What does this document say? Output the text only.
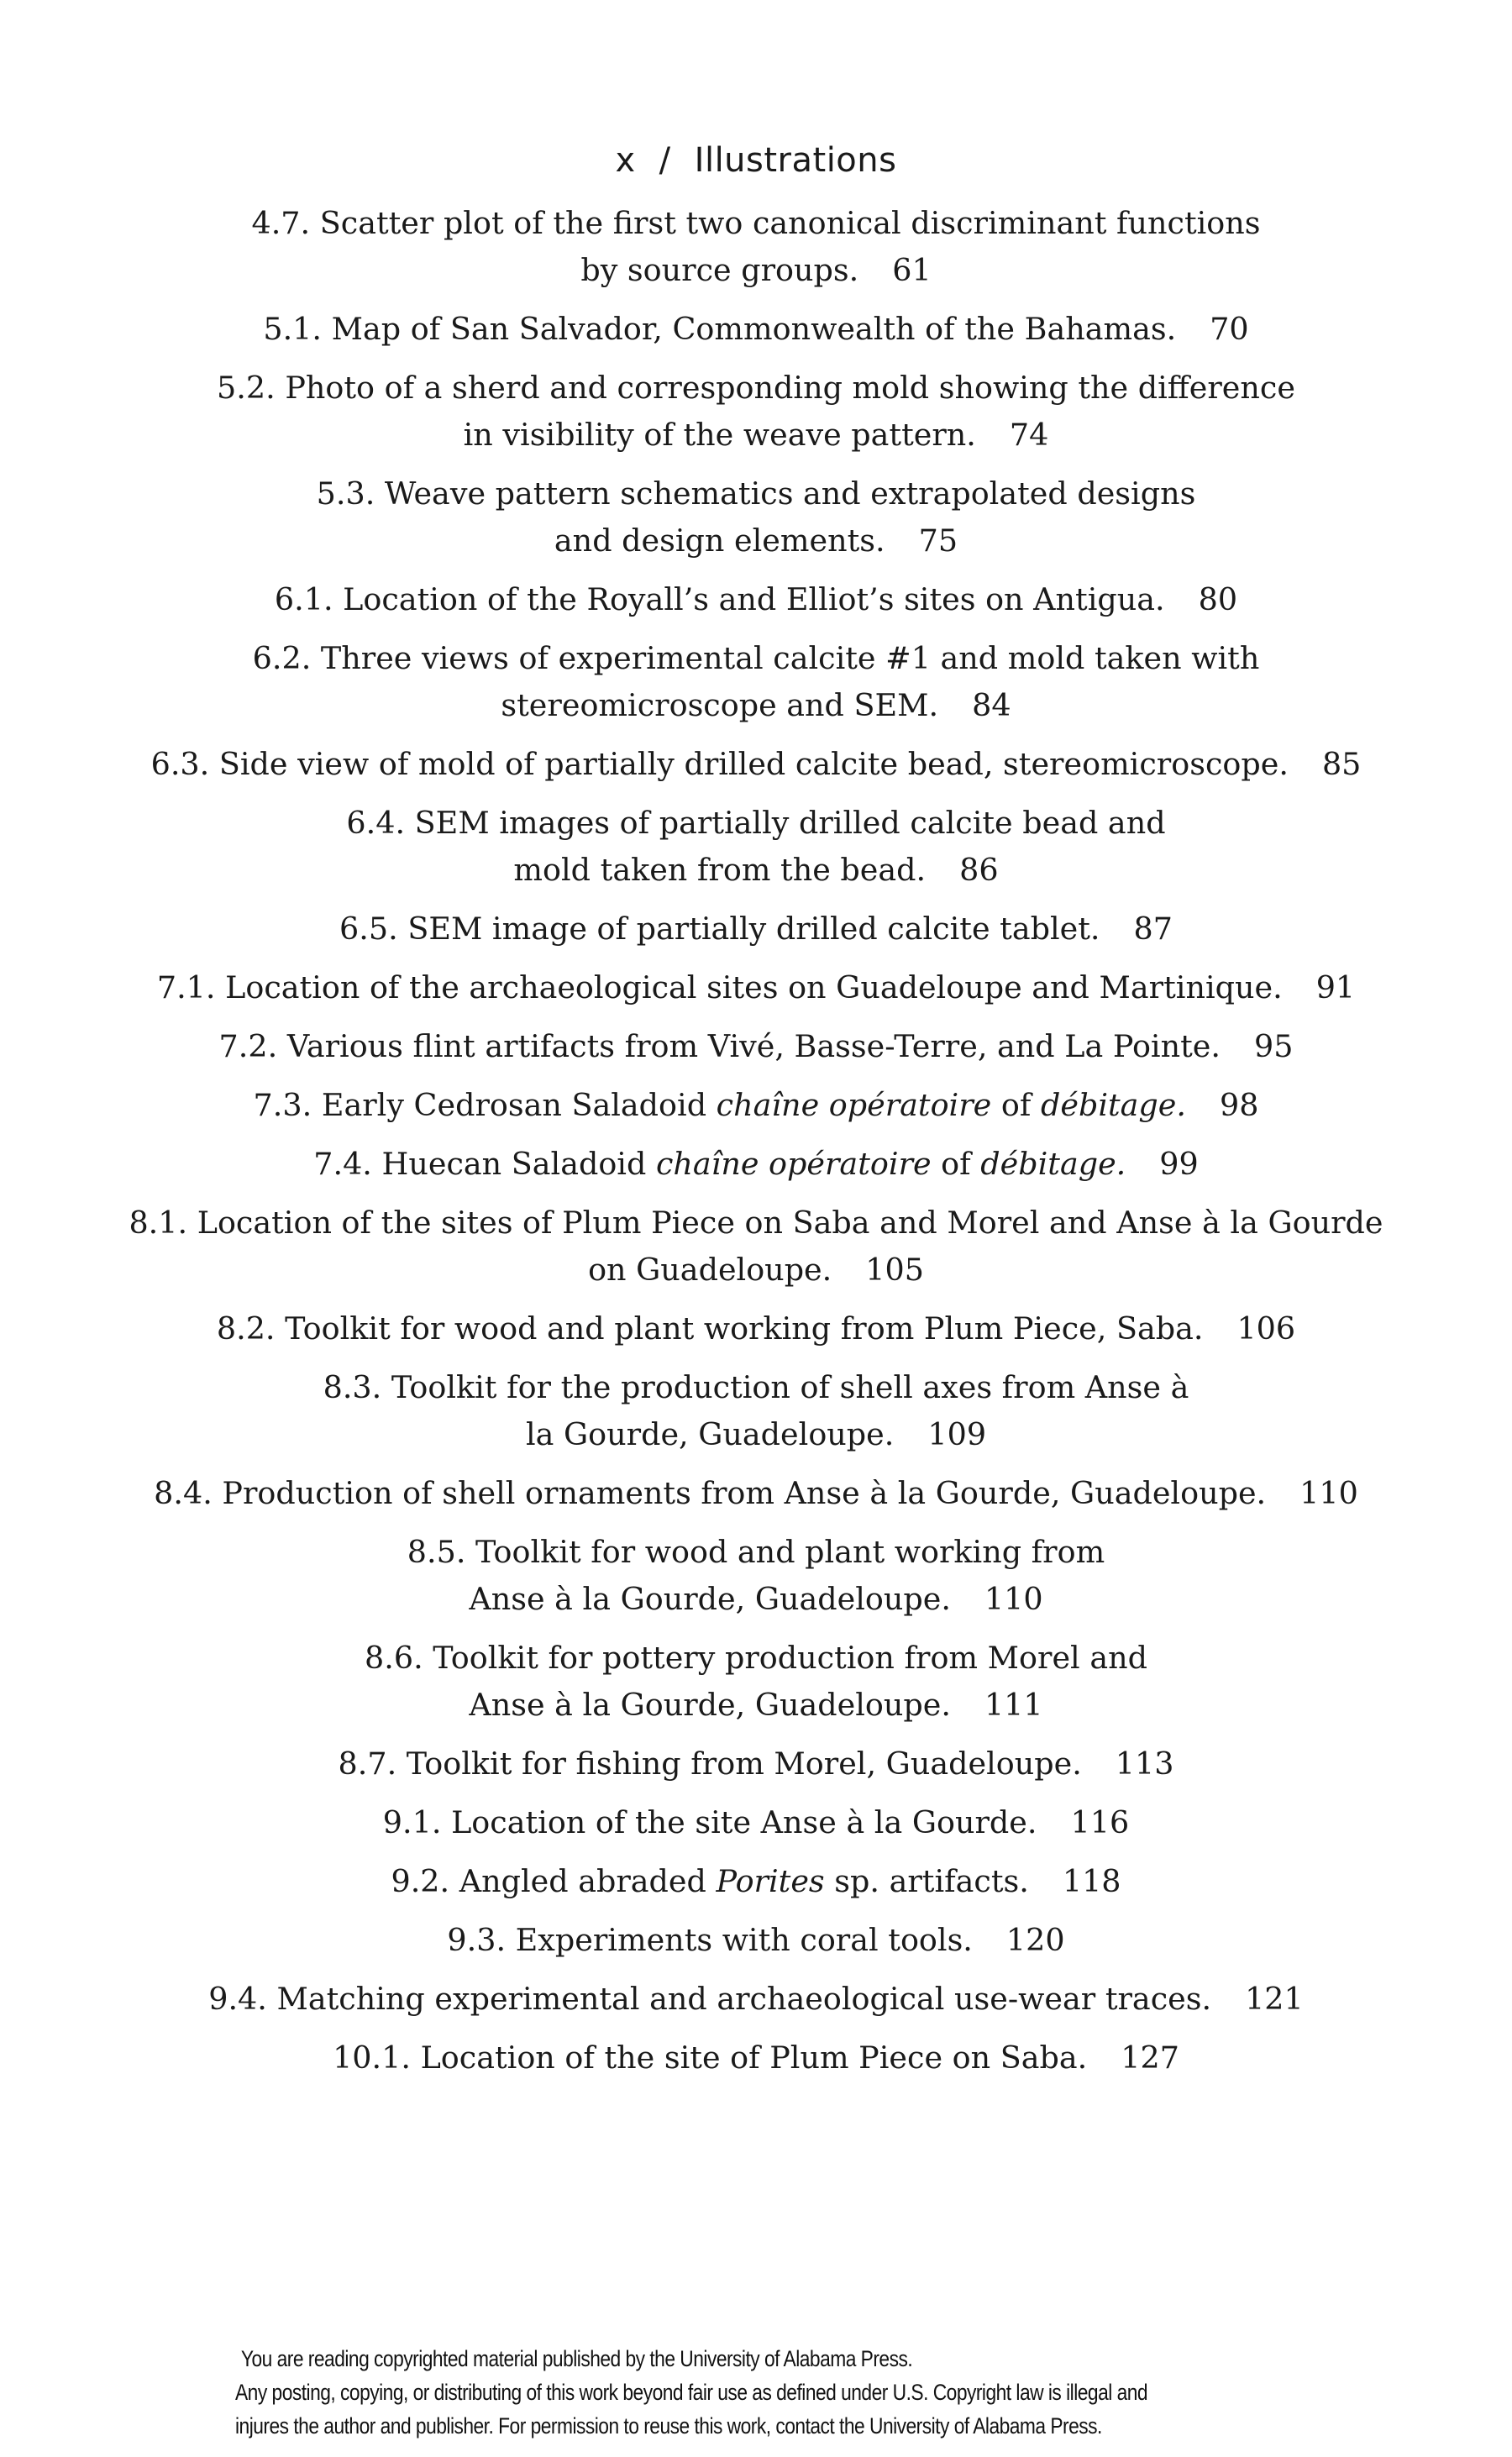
x / Illustrations
4.7. Scatter plot of the first two canonical discriminant functions
by source groups. 61
5.1. Map of San Salvador, Commonwealth of the Bahamas. 70
5.2. Photo of a sherd and corresponding mold showing the difference
in visibility of the weave pattern. 74
5.3. Weave pattern schematics and extrapolated designs
and design elements. 75
6.1. Location of the Royall’s and Elliot’s sites on Antigua. 80
6.2. Three views of experimental calcite #1 and mold taken with
stereomicroscope and SEM. 84
6.3. Side view of mold of partially drilled calcite bead, stereomicroscope. 85
6.4. SEM images of partially drilled calcite bead and
mold taken from the bead. 86
6.5. SEM image of partially drilled calcite tablet. 87
7.1. Location of the archaeological sites on Guadeloupe and Martinique. 91
7.2. Various flint artifacts from Vivé, Basse-Terre, and La Pointe. 95
7.3. Early Cedrosan Saladoid chaîne opératoire of débitage. 98
7.4. Huecan Saladoid chaîne opératoire of débitage. 99
8.1. Location of the sites of Plum Piece on Saba and Morel and Anse à la Gourde
on Guadeloupe. 105
8.2. Toolkit for wood and plant working from Plum Piece, Saba. 106
8.3. Toolkit for the production of shell axes from Anse à
la Gourde, Guadeloupe. 109
8.4. Production of shell ornaments from Anse à la Gourde, Guadeloupe. 110
8.5. Toolkit for wood and plant working from
Anse à la Gourde, Guadeloupe. 110
8.6. Toolkit for pottery production from Morel and
Anse à la Gourde, Guadeloupe. 111
8.7. Toolkit for fishing from Morel, Guadeloupe. 113
9.1. Location of the site Anse à la Gourde. 116
9.2. Angled abraded Porites sp. artifacts. 118
9.3. Experiments with coral tools. 120
9.4. Matching experimental and archaeological use-wear traces. 121
10.1. Location of the site of Plum Piece on Saba. 127
You are reading copyrighted material published by the University of Alabama Press.
Any posting, copying, or distributing of this work beyond fair use as defined under U.S. Copyright law is illegal and
injures the author and publisher. For permission to reuse this work, contact the University of Alabama Press.
